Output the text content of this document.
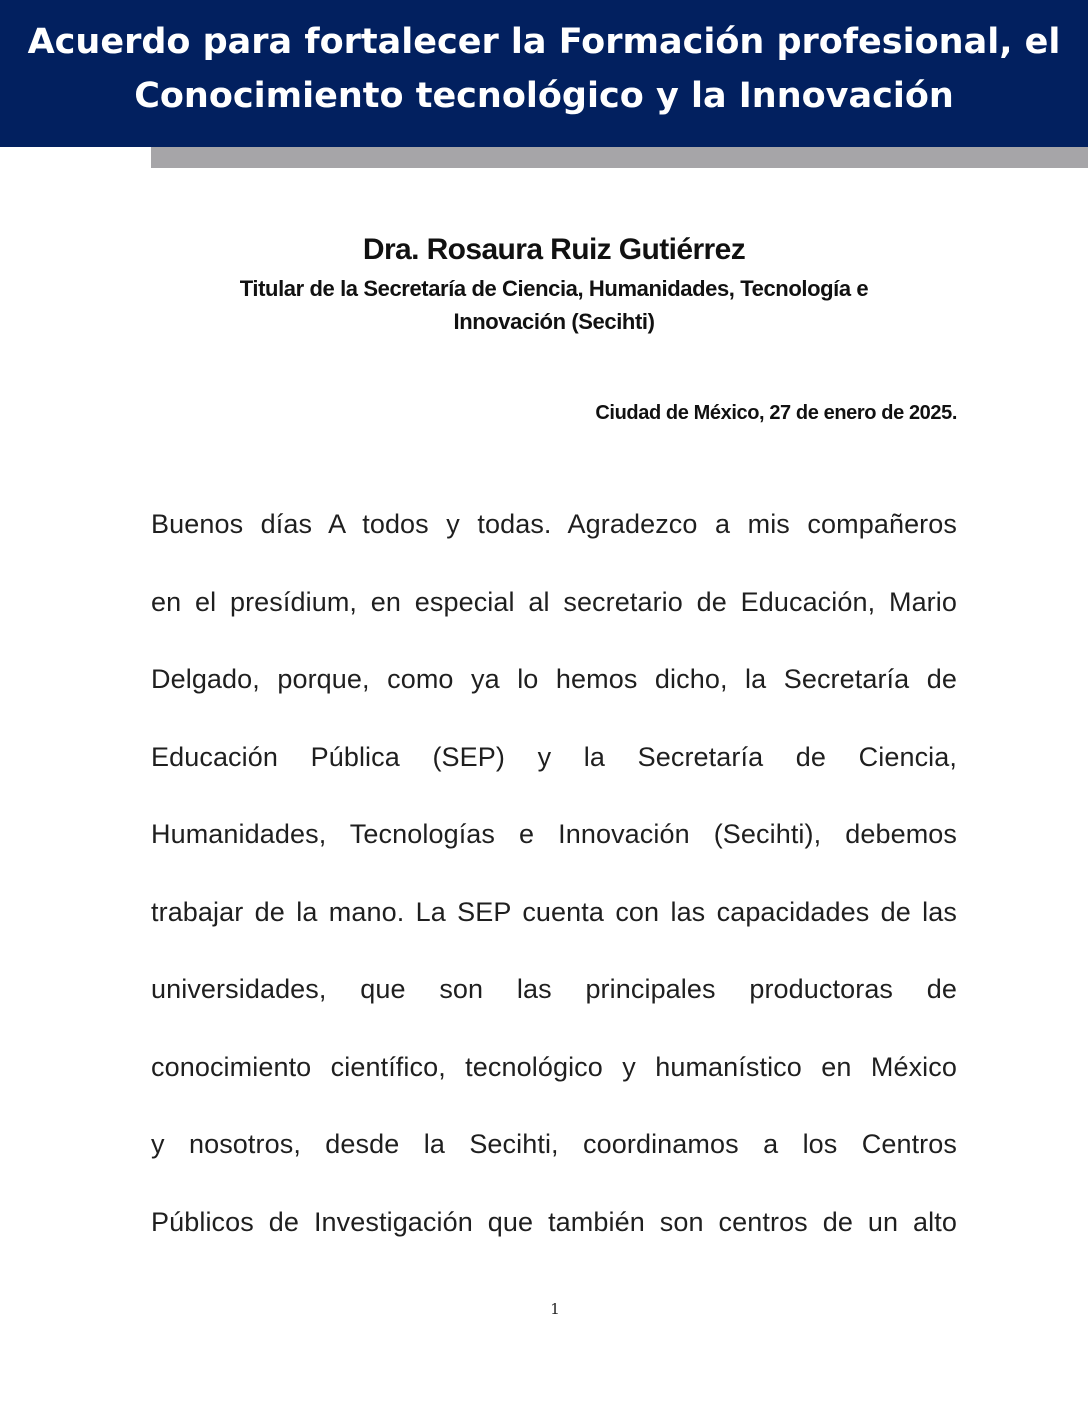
Acuerdo para fortalecer la Formación profesional, el
Conocimiento tecnológico y la Innovación
Dra. Rosaura Ruiz Gutiérrez

Titular de la Secretaría de Ciencia, Humanidades, Tecnología e
Innovación (Secihti)

Ciudad de México, 27 de enero de 2025.

Buenos días A todos y todas. Agradezco a mis compañeros
en el presídium, en especial al secretario de Educación, Mario
Delgado, porque, como ya lo hemos dicho, la Secretaría de
Educación Pública (SEP) y la Secretaría de Ciencia,
Humanidades, Tecnologías e Innovación (Secihti), debemos
trabajar de la mano. La SEP cuenta con las capacidades de las
universidades, que son las principales productoras de
conocimiento científico, tecnológico y humanístico en México
y nosotros, desde la Secihti, coordinamos a los Centros
Públicos de Investigación que también son centros de un alto

1
